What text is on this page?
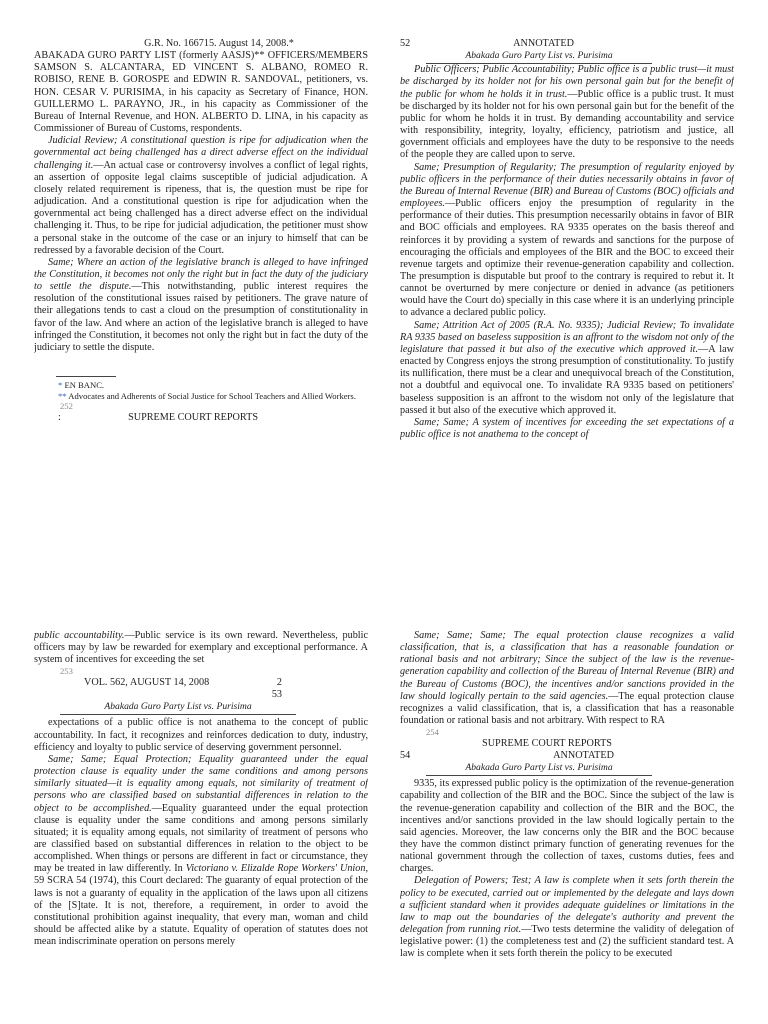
G.R. No. 166715. August 14, 2008.*

ABAKADA GURO PARTY LIST (formerly AASJS)** OFFICERS/MEMBERS SAMSON S. ALCANTARA, ED VINCENT S. ALBANO, ROMEO R. ROBISO, RENE B. GOROSPE and EDWIN R. SANDOVAL, petitioners, vs. HON. CESAR V. PURISIMA, in his capacity as Secretary of Finance, HON. GUILLERMO L. PARAYNO, JR., in his capacity as Commissioner of the Bureau of Internal Revenue, and HON. ALBERTO D. LINA, in his capacity as Commissioner of Bureau of Customs, respondents.

Judicial Review; A constitutional question is ripe for adjudication when the governmental act being challenged has a direct adverse effect on the individual challenging it.—An actual case or controversy involves a conflict of legal rights, an assertion of opposite legal claims susceptible of judicial adjudication. A closely related requirement is ripeness, that is, the question must be ripe for adjudication. And a constitutional question is ripe for adjudication when the governmental act being challenged has a direct adverse effect on the individual challenging it. Thus, to be ripe for judicial adjudication, the petitioner must show a personal stake in the outcome of the case or an injury to himself that can be redressed by a favorable decision of the Court.

Same; Where an action of the legislative branch is alleged to have infringed the Constitution, it becomes not only the right but in fact the duty of the judiciary to settle the dispute.—This notwithstanding, public interest requires the resolution of the constitutional issues raised by petitioners. The grave nature of their allegations tends to cast a cloud on the presumption of constitutionality in favor of the law. And where an action of the legislative branch is alleged to have infringed the Constitution, it becomes not only the right but in fact the duty of the judiciary to settle the dispute.

* EN BANC.
** Advocates and Adherents of Social Justice for School Teachers and Allied Workers.
252
:	SUPREME COURT REPORTS
52	ANNOTATED
Abakada Guro Party List vs. Purisima

Public Officers; Public Accountability; Public office is a public trust—it must be discharged by its holder not for his own personal gain but for the benefit of the public for whom he holds it in trust.—Public office is a public trust. It must be discharged by its holder not for his own personal gain but for the benefit of the public for whom he holds it in trust. By demanding accountability and service with responsibility, integrity, loyalty, efficiency, patriotism and justice, all government officials and employees have the duty to be responsive to the needs of the people they are called upon to serve.

Same; Presumption of Regularity; The presumption of regularity enjoyed by public officers in the performance of their duties necessarily obtains in favor of the Bureau of Internal Revenue (BIR) and Bureau of Customs (BOC) officials and employees.—Public officers enjoy the presumption of regularity in the performance of their duties. This presumption necessarily obtains in favor of BIR and BOC officials and employees. RA 9335 operates on the basis thereof and reinforces it by providing a system of rewards and sanctions for the purpose of encouraging the officials and employees of the BIR and the BOC to exceed their revenue targets and optimize their revenue-generation capability and collection. The presumption is disputable but proof to the contrary is required to rebut it. It cannot be overturned by mere conjecture or denied in advance (as petitioners would have the Court do) specially in this case where it is an underlying principle to advance a declared public policy.

Same; Attrition Act of 2005 (R.A. No. 9335); Judicial Review; To invalidate RA 9335 based on baseless supposition is an affront to the wisdom not only of the legislature that passed it but also of the executive which approved it.—A law enacted by Congress enjoys the strong presumption of constitutionality. To justify its nullification, there must be a clear and unequivocal breach of the Constitution, not a doubtful and equivocal one. To invalidate RA 9335 based on petitioners' baseless supposition is an affront to the wisdom not only of the legislature that passed it but also of the executive which approved it.

Same; Same; A system of incentives for exceeding the set expectations of a public office is not anathema to the concept of

public accountability.—Public service is its own reward. Nevertheless, public officers may by law be rewarded for exemplary and exceptional performance. A system of incentives for exceeding the set

253
VOL. 562, AUGUST 14, 2008	2
53
Abakada Guro Party List vs. Purisima

expectations of a public office is not anathema to the concept of public accountability. In fact, it recognizes and reinforces dedication to duty, industry, efficiency and loyalty to public service of deserving government personnel.

Same; Same; Equal Protection; Equality guaranteed under the equal protection clause is equality under the same conditions and among persons similarly situated—it is equality among equals, not similarity of treatment of persons who are classified based on substantial differences in relation to the object to be accomplished.—Equality guaranteed under the equal protection clause is equality under the same conditions and among persons similarly situated; it is equality among equals, not similarity of treatment of persons who are classified based on substantial differences in relation to the object to be accomplished. When things or persons are different in fact or circumstance, they may be treated in law differently. In Victoriano v. Elizalde Rope Workers' Union, 59 SCRA 54 (1974), this Court declared: The guaranty of equal protection of the laws is not a guaranty of equality in the application of the laws upon all citizens of the [S]tate. It is not, therefore, a requirement, in order to avoid the constitutional prohibition against inequality, that every man, woman and child should be affected alike by a statute. Equality of operation of statutes does not mean indiscriminate operation on persons merely

Same; Same; Same; The equal protection clause recognizes a valid classification, that is, a classification that has a reasonable foundation or rational basis and not arbitrary; Since the subject of the law is the revenue-generation capability and collection of the Bureau of Internal Revenue (BIR) and the Bureau of Customs (BOC), the incentives and/or sanctions provided in the law should logically pertain to the said agencies.—The equal protection clause recognizes a valid classification, that is, a classification that has a reasonable foundation or rational basis and not arbitrary. With respect to RA

254
SUPREME COURT REPORTS
54	ANNOTATED
Abakada Guro Party List vs. Purisima

9335, its expressed public policy is the optimization of the revenue-generation capability and collection of the BIR and the BOC. Since the subject of the law is the revenue-generation capability and collection of the BIR and the BOC, the incentives and/or sanctions provided in the law should logically pertain to the said agencies. Moreover, the law concerns only the BIR and the BOC because they have the common distinct primary function of generating revenues for the national government through the collection of taxes, customs duties, fees and charges.

Delegation of Powers; Test; A law is complete when it sets forth therein the policy to be executed, carried out or implemented by the delegate and lays down a sufficient standard when it provides adequate guidelines or limitations in the law to map out the boundaries of the delegate's authority and prevent the delegation from running riot.—Two tests determine the validity of delegation of legislative power: (1) the completeness test and (2) the sufficient standard test. A law is complete when it sets forth therein the policy to be executed
